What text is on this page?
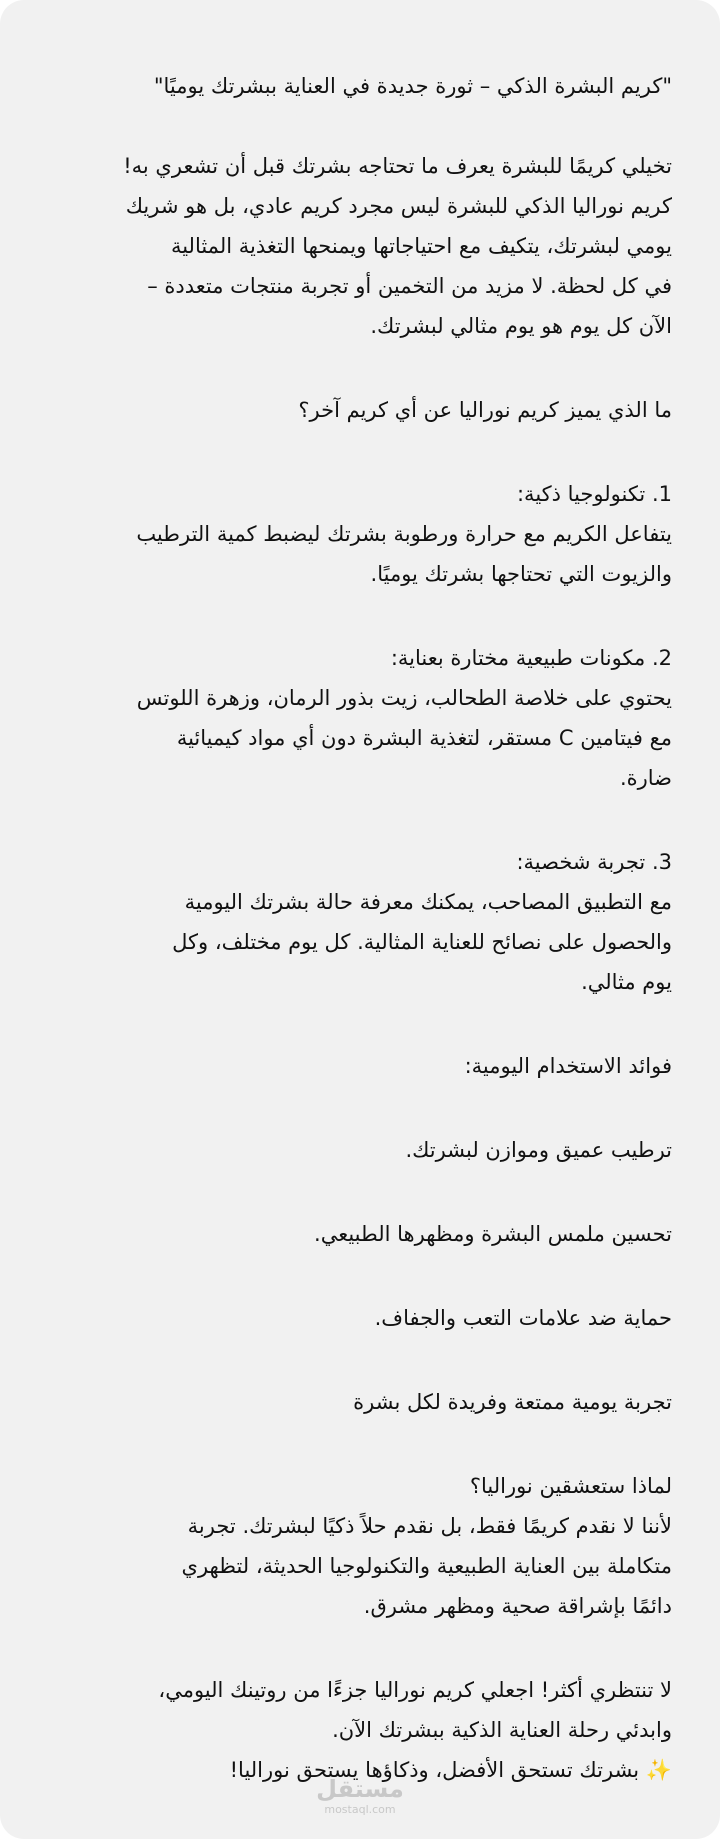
"كريم البشرة الذكي – ثورة جديدة في العناية ببشرتك يوميًا"

تخيلي كريمًا للبشرة يعرف ما تحتاجه بشرتك قبل أن تشعري به!

كريم نوراليا الذكي للبشرة ليس مجرد كريم عادي، بل هو شريك

يومي لبشرتك، يتكيف مع احتياجاتها ويمنحها التغذية المثالية

في كل لحظة. لا مزيد من التخمين أو تجربة منتجات متعددة –

الآن كل يوم هو يوم مثالي لبشرتك.

ما الذي يميز كريم نوراليا عن أي كريم آخر؟

1. تكنولوجيا ذكية:

يتفاعل الكريم مع حرارة ورطوبة بشرتك ليضبط كمية الترطيب

والزيوت التي تحتاجها بشرتك يوميًا.

2. مكونات طبيعية مختارة بعناية:

يحتوي على خلاصة الطحالب، زيت بذور الرمان، وزهرة اللوتس

مع فيتامين C مستقر، لتغذية البشرة دون أي مواد كيميائية

ضارة.

3. تجربة شخصية:

مع التطبيق المصاحب، يمكنك معرفة حالة بشرتك اليومية

والحصول على نصائح للعناية المثالية. كل يوم مختلف، وكل

يوم مثالي.

فوائد الاستخدام اليومية:

ترطيب عميق وموازن لبشرتك.

تحسين ملمس البشرة ومظهرها الطبيعي.

حماية ضد علامات التعب والجفاف.

تجربة يومية ممتعة وفريدة لكل بشرة

لماذا ستعشقين نوراليا؟

لأننا لا نقدم كريمًا فقط، بل نقدم حلاً ذكيًا لبشرتك. تجربة

متكاملة بين العناية الطبيعية والتكنولوجيا الحديثة، لتظهري

دائمًا بإشراقة صحية ومظهر مشرق.

لا تنتظري أكثر! اجعلي كريم نوراليا جزءًا من روتينك اليومي،

وابدئي رحلة العناية الذكية ببشرتك الآن.

✨ بشرتك تستحق الأفضل، وذكاؤها يستحق نوراليا!

مستقل
mostaql.com
